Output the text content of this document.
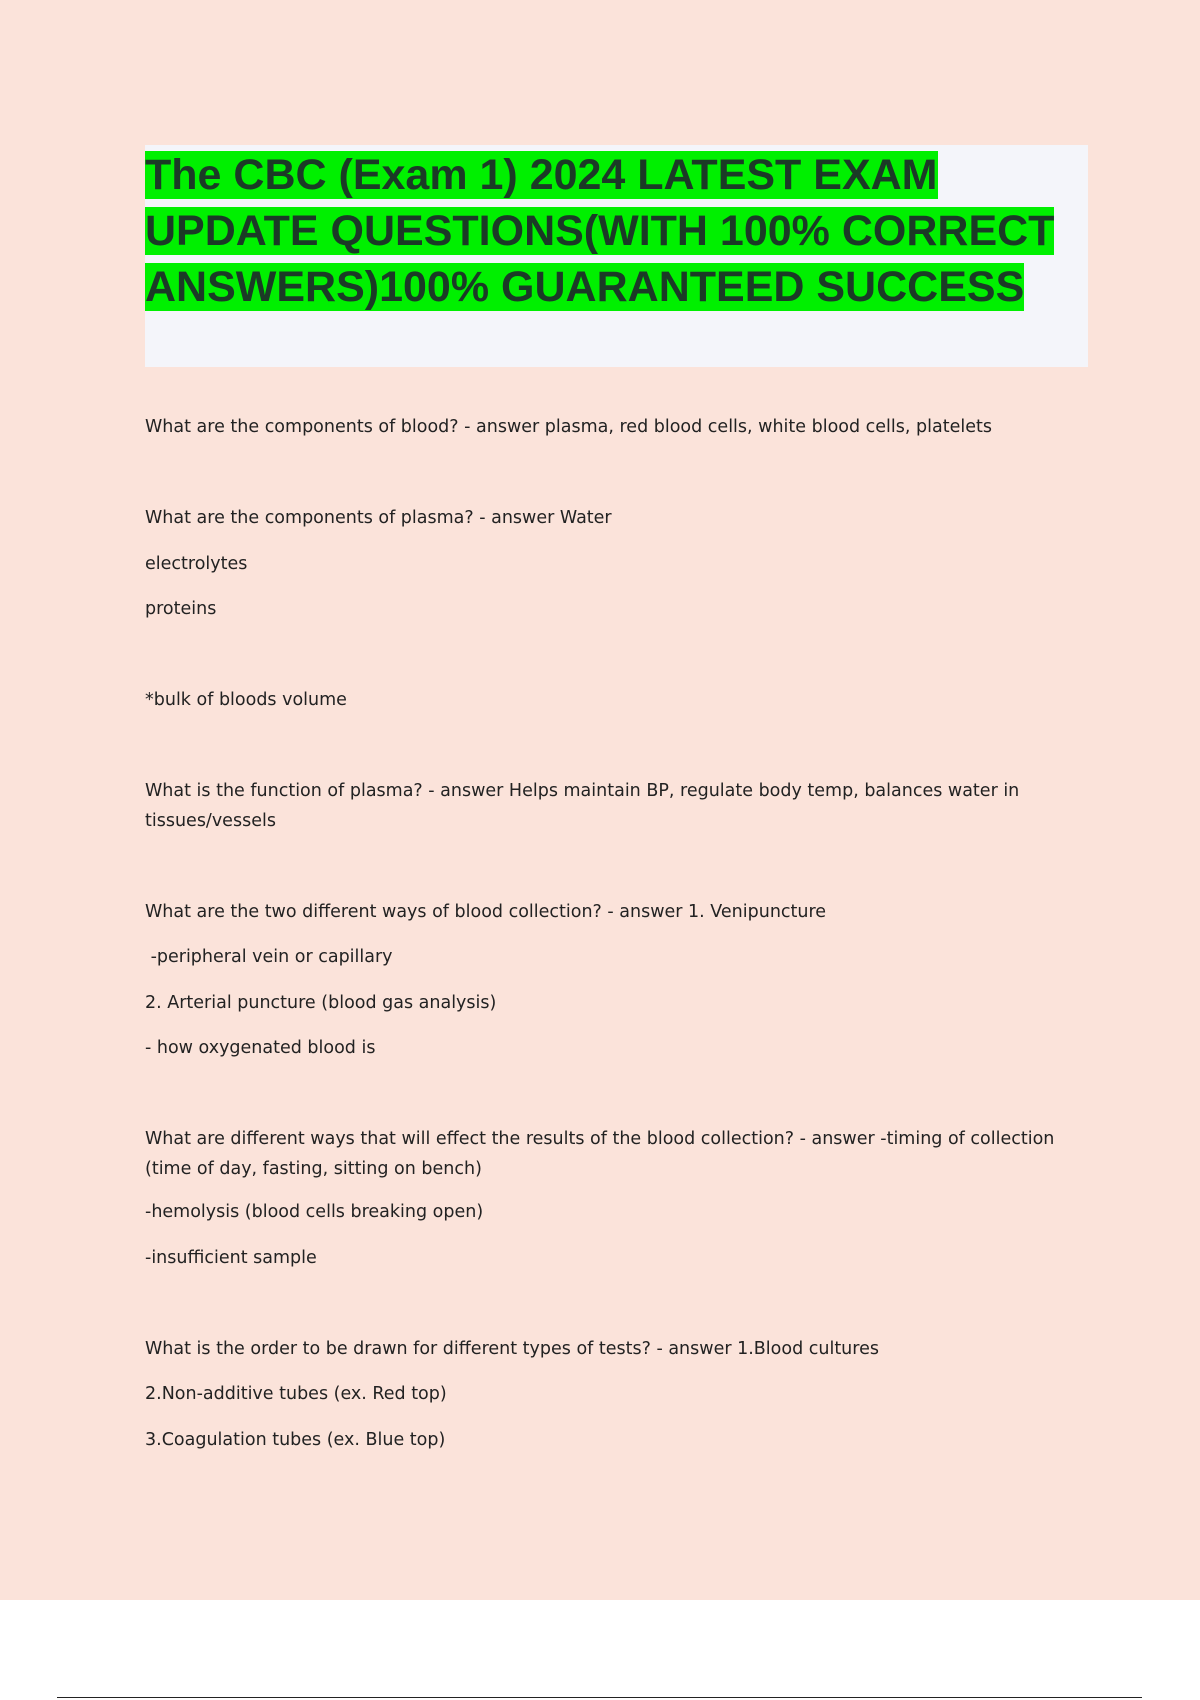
The CBC (Exam 1) 2024 LATEST EXAM UPDATE QUESTIONS(WITH 100% CORRECT ANSWERS)100% GUARANTEED SUCCESS

What are the components of blood? - answer plasma, red blood cells, white blood cells, platelets

What are the components of plasma? - answer Water

electrolytes

proteins

*bulk of bloods volume

What is the function of plasma? - answer Helps maintain BP, regulate body temp, balances water in tissues/vessels

What are the two different ways of blood collection? - answer 1. Venipuncture

-peripheral vein or capillary

2. Arterial puncture (blood gas analysis)

- how oxygenated blood is

What are different ways that will effect the results of the blood collection? - answer -timing of collection (time of day, fasting, sitting on bench)

-hemolysis (blood cells breaking open)

-insufficient sample

What is the order to be drawn for different types of tests? - answer 1.Blood cultures

2.Non-additive tubes (ex. Red top)

3.Coagulation tubes (ex. Blue top)
